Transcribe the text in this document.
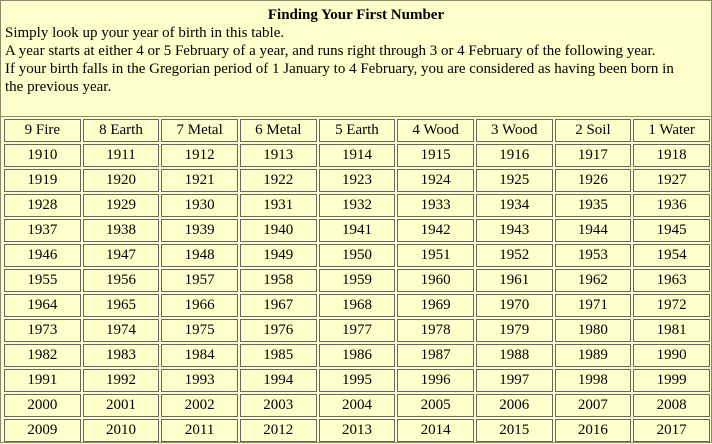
Finding Your First Number
Simply look up your year of birth in this table.
A year starts at either 4 or 5 February of a year, and runs right through 3 or 4 February of the following year.
If your birth falls in the Gregorian period of 1 January to 4 February, you are considered as having been born in
the previous year.
9 Fire	8 Earth	7 Metal	6 Metal	5 Earth	4 Wood	3 Wood	2 Soil	1 Water
1910	1911	1912	1913	1914	1915	1916	1917	1918
1919	1920	1921	1922	1923	1924	1925	1926	1927
1928	1929	1930	1931	1932	1933	1934	1935	1936
1937	1938	1939	1940	1941	1942	1943	1944	1945
1946	1947	1948	1949	1950	1951	1952	1953	1954
1955	1956	1957	1958	1959	1960	1961	1962	1963
1964	1965	1966	1967	1968	1969	1970	1971	1972
1973	1974	1975	1976	1977	1978	1979	1980	1981
1982	1983	1984	1985	1986	1987	1988	1989	1990
1991	1992	1993	1994	1995	1996	1997	1998	1999
2000	2001	2002	2003	2004	2005	2006	2007	2008
2009	2010	2011	2012	2013	2014	2015	2016	2017
